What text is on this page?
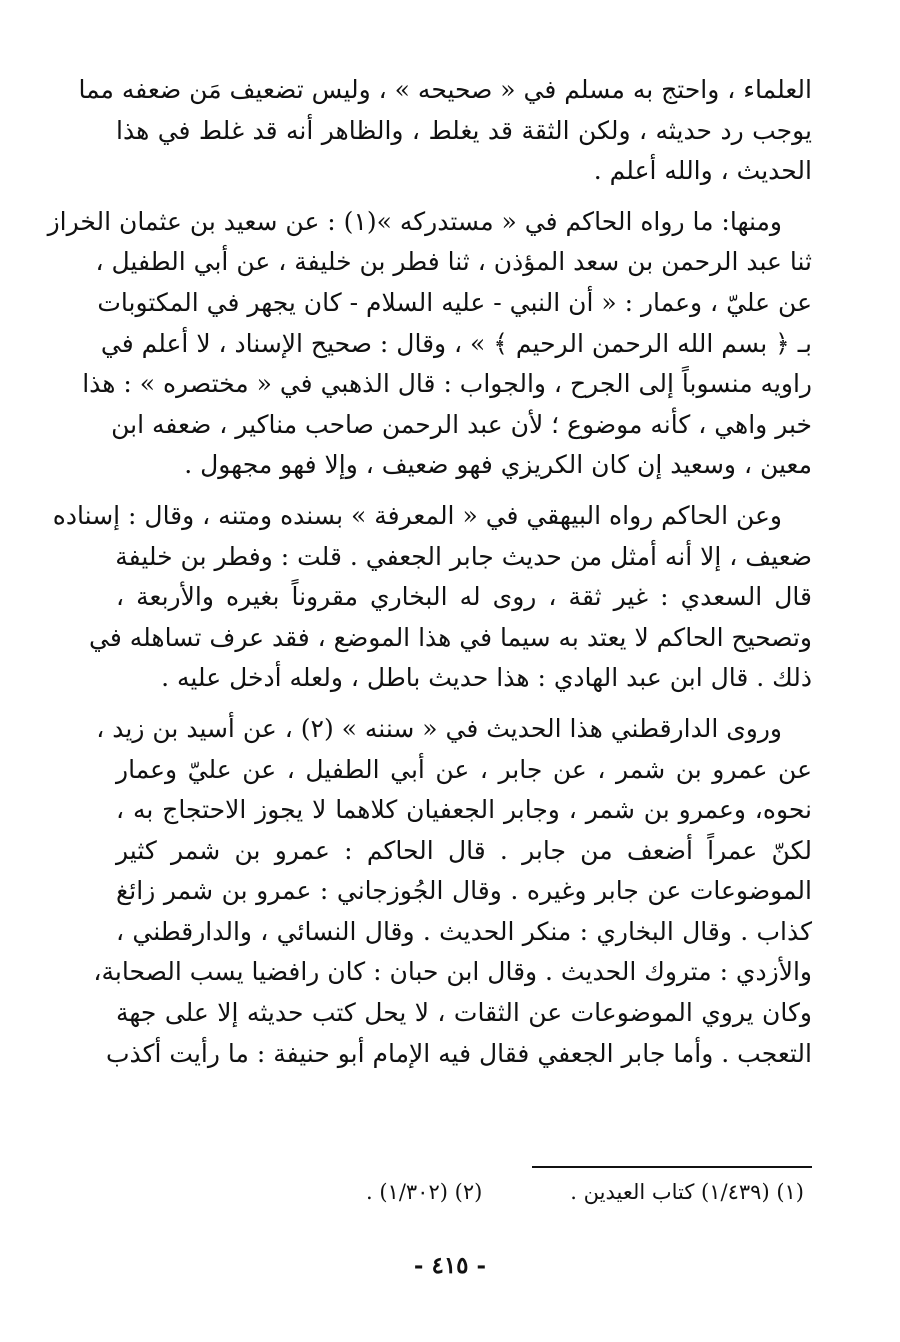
العلماء ، واحتج به مسلم في « صحيحه » ، وليس تضعيف مَن ضعفه مما
يوجب رد حديثه ، ولكن الثقة قد يغلط ، والظاهر أنه قد غلط في هذا
الحديث ، والله أعلم .
ومنها: ما رواه الحاكم في « مستدركه »(١) : عن سعيد بن عثمان الخراز
ثنا عبد الرحمن بن سعد المؤذن ، ثنا فطر بن خليفة ، عن أبي الطفيل ،
عن عليّ ، وعمار : « أن النبي - عليه السلام - كان يجهر في المكتوبات
بـ ﴿ بسم الله الرحمن الرحيم ﴾ » ، وقال : صحيح الإسناد ، لا أعلم في
راويه منسوباً إلى الجرح ، والجواب : قال الذهبي في « مختصره » : هذا
خبر واهي ، كأنه موضوع ؛ لأن عبد الرحمن صاحب مناكير ، ضعفه ابن
معين ، وسعيد إن كان الكريزي فهو ضعيف ، وإلا فهو مجهول .
وعن الحاكم رواه البيهقي في « المعرفة » بسنده ومتنه ، وقال : إسناده
ضعيف ، إلا أنه أمثل من حديث جابر الجعفي . قلت : وفطر بن خليفة
قال السعدي : غير ثقة ، روى له البخاري مقروناً بغيره والأربعة ،
وتصحيح الحاكم لا يعتد به سيما في هذا الموضع ، فقد عرف تساهله في
ذلك . قال ابن عبد الهادي : هذا حديث باطل ، ولعله أدخل عليه .
وروى الدارقطني هذا الحديث في « سننه » (٢) ، عن أسيد بن زيد ،
عن عمرو بن شمر ، عن جابر ، عن أبي الطفيل ، عن عليّ وعمار
نحوه، وعمرو بن شمر ، وجابر الجعفيان كلاهما لا يجوز الاحتجاج به ،
لكنّ عمراً أضعف من جابر . قال الحاكم : عمرو بن شمر كثير
الموضوعات عن جابر وغيره . وقال الجُوزجاني : عمرو بن شمر زائغ
كذاب . وقال البخاري : منكر الحديث . وقال النسائي ، والدارقطني ،
والأزدي : متروك الحديث . وقال ابن حبان : كان رافضيا يسب الصحابة،
وكان يروي الموضوعات عن الثقات ، لا يحل كتب حديثه إلا على جهة
التعجب . وأما جابر الجعفي فقال فيه الإمام أبو حنيفة : ما رأيت أكذب
(١) (١/٤٣٩) كتاب العيدين .
(٢) (١/٣٠٢) .
- ٤١٥ -
